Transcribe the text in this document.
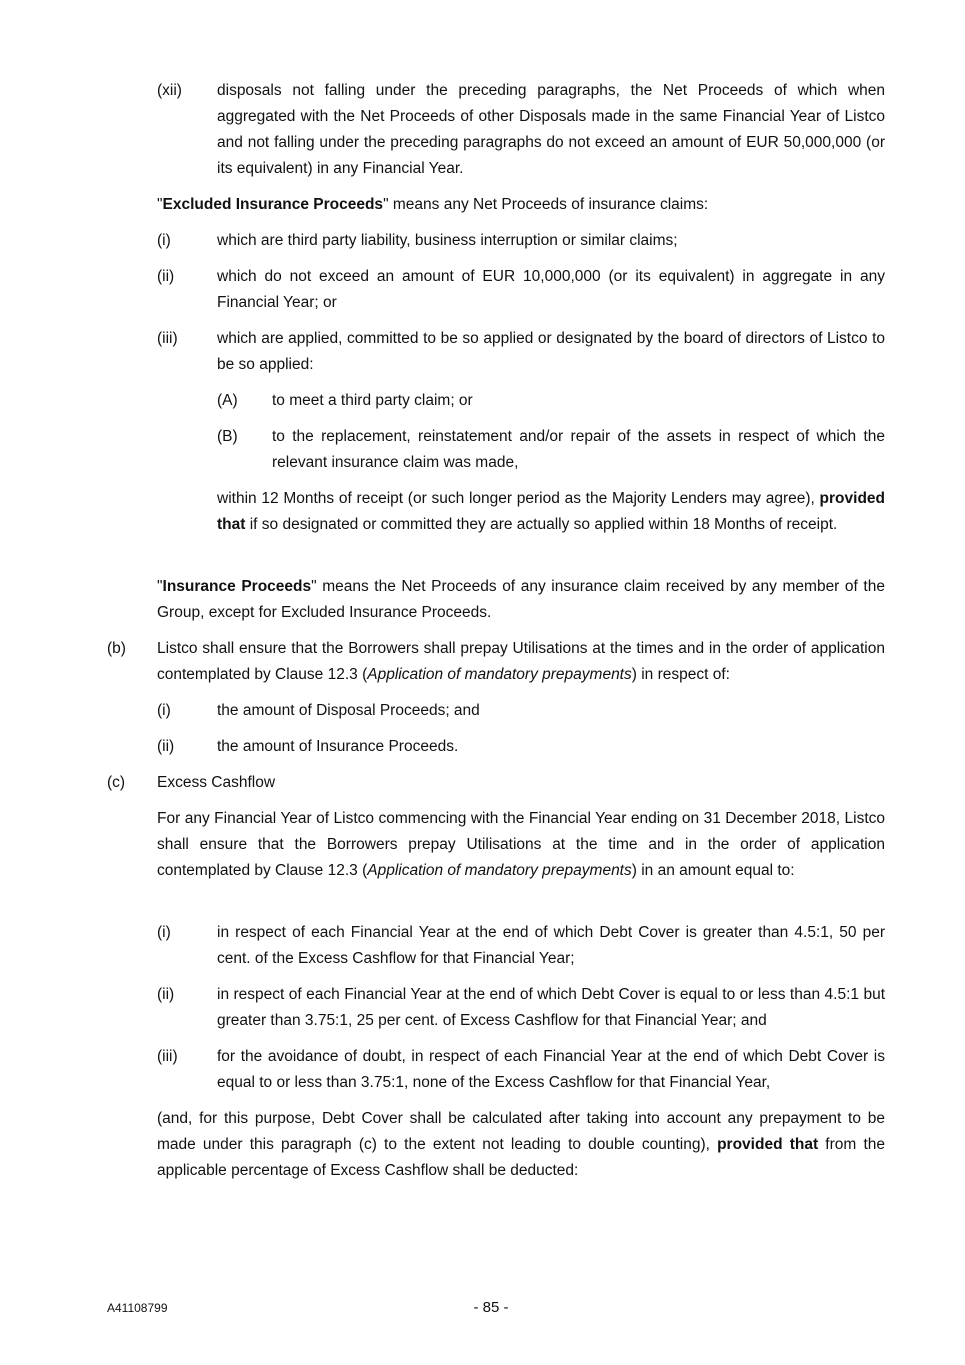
(xii) disposals not falling under the preceding paragraphs, the Net Proceeds of which when aggregated with the Net Proceeds of other Disposals made in the same Financial Year of Listco and not falling under the preceding paragraphs do not exceed an amount of EUR 50,000,000 (or its equivalent) in any Financial Year.
"Excluded Insurance Proceeds" means any Net Proceeds of insurance claims:
(i)	which are third party liability, business interruption or similar claims;
(ii)	which do not exceed an amount of EUR 10,000,000 (or its equivalent) in aggregate in any Financial Year; or
(iii)	which are applied, committed to be so applied or designated by the board of directors of Listco to be so applied:
(A) to meet a third party claim; or
(B) to the replacement, reinstatement and/or repair of the assets in respect of which the relevant insurance claim was made,
within 12 Months of receipt (or such longer period as the Majority Lenders may agree), provided that if so designated or committed they are actually so applied within 18 Months of receipt.
"Insurance Proceeds" means the Net Proceeds of any insurance claim received by any member of the Group, except for Excluded Insurance Proceeds.
(b) Listco shall ensure that the Borrowers shall prepay Utilisations at the times and in the order of application contemplated by Clause 12.3 (Application of mandatory prepayments) in respect of:
(i)	the amount of Disposal Proceeds; and
(ii)	the amount of Insurance Proceeds.
(c) Excess Cashflow
For any Financial Year of Listco commencing with the Financial Year ending on 31 December 2018, Listco shall ensure that the Borrowers prepay Utilisations at the time and in the order of application contemplated by Clause 12.3 (Application of mandatory prepayments) in an amount equal to:
(i)	in respect of each Financial Year at the end of which Debt Cover is greater than 4.5:1, 50 per cent. of the Excess Cashflow for that Financial Year;
(ii)	in respect of each Financial Year at the end of which Debt Cover is equal to or less than 4.5:1 but greater than 3.75:1, 25 per cent. of Excess Cashflow for that Financial Year; and
(iii)	for the avoidance of doubt, in respect of each Financial Year at the end of which Debt Cover is equal to or less than 3.75:1, none of the Excess Cashflow for that Financial Year,
(and, for this purpose, Debt Cover shall be calculated after taking into account any prepayment to be made under this paragraph (c) to the extent not leading to double counting), provided that from the applicable percentage of Excess Cashflow shall be deducted:
A41108799	- 85 -
